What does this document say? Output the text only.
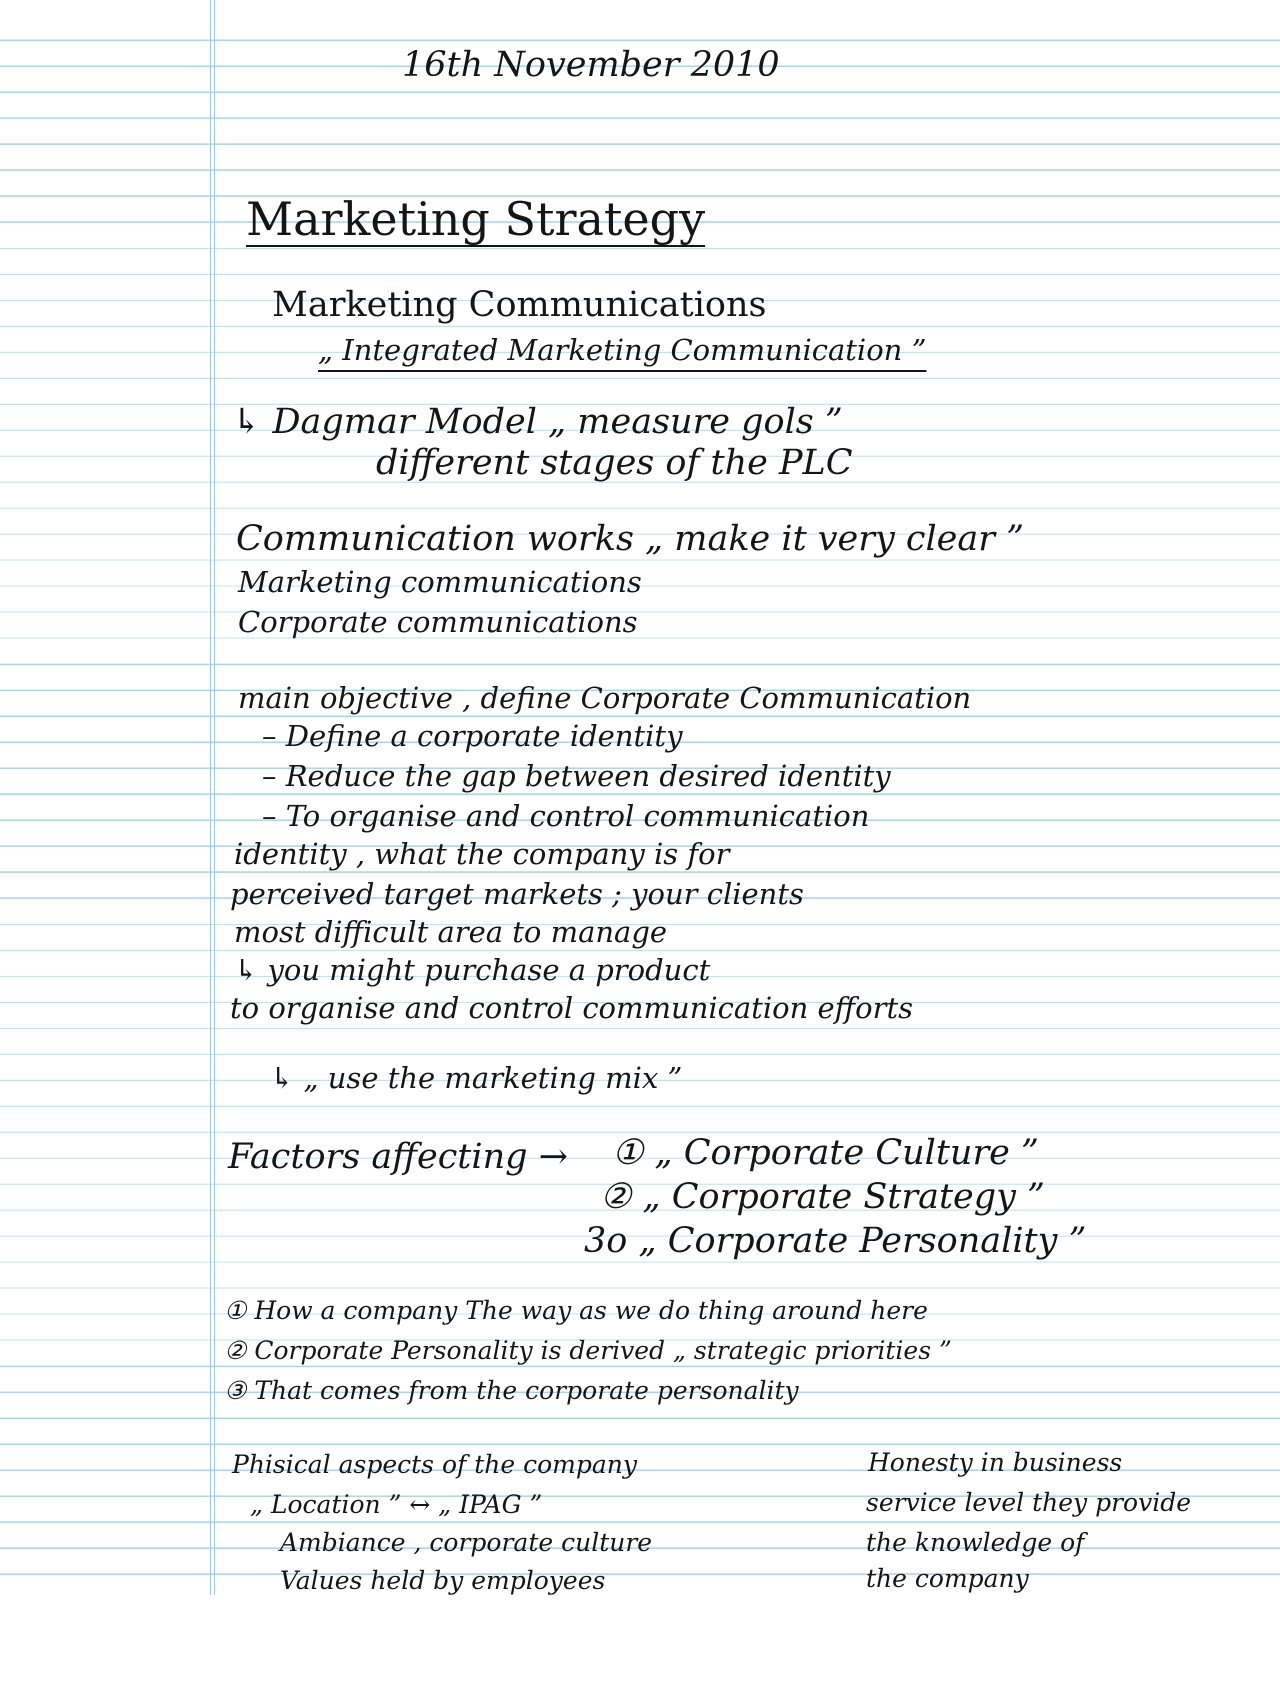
16th November 2010

Marketing Strategy

Marketing Communications

„ Integrated Marketing Communication ”

↳ Dagmar Model „ measure gols ”

different stages of the PLC

Communication works „ make it very clear ”

Marketing communications

Corporate communications

main objective , define Corporate Communication

– Define a corporate identity

– Reduce the gap between desired identity

– To organise and control communication

identity , what the company is for

perceived target markets ; your clients

most difficult area to manage

↳ you might purchase a product

to organise and control communication efforts

↳ „ use the marketing mix ”

Factors affecting → ① „ Corporate Culture ”

② „ Corporate Strategy ”

3o „ Corporate Personality ”

① How a company The way as we do thing around here

② Corporate Personality is derived „ strategic priorities ”

③ That comes from the corporate personality

Phisical aspects of the company

„ Location ” ↔ „ IPAG ”

Ambiance , corporate culture

Values held by employees

Honesty in business

service level they provide

the knowledge of

the company
